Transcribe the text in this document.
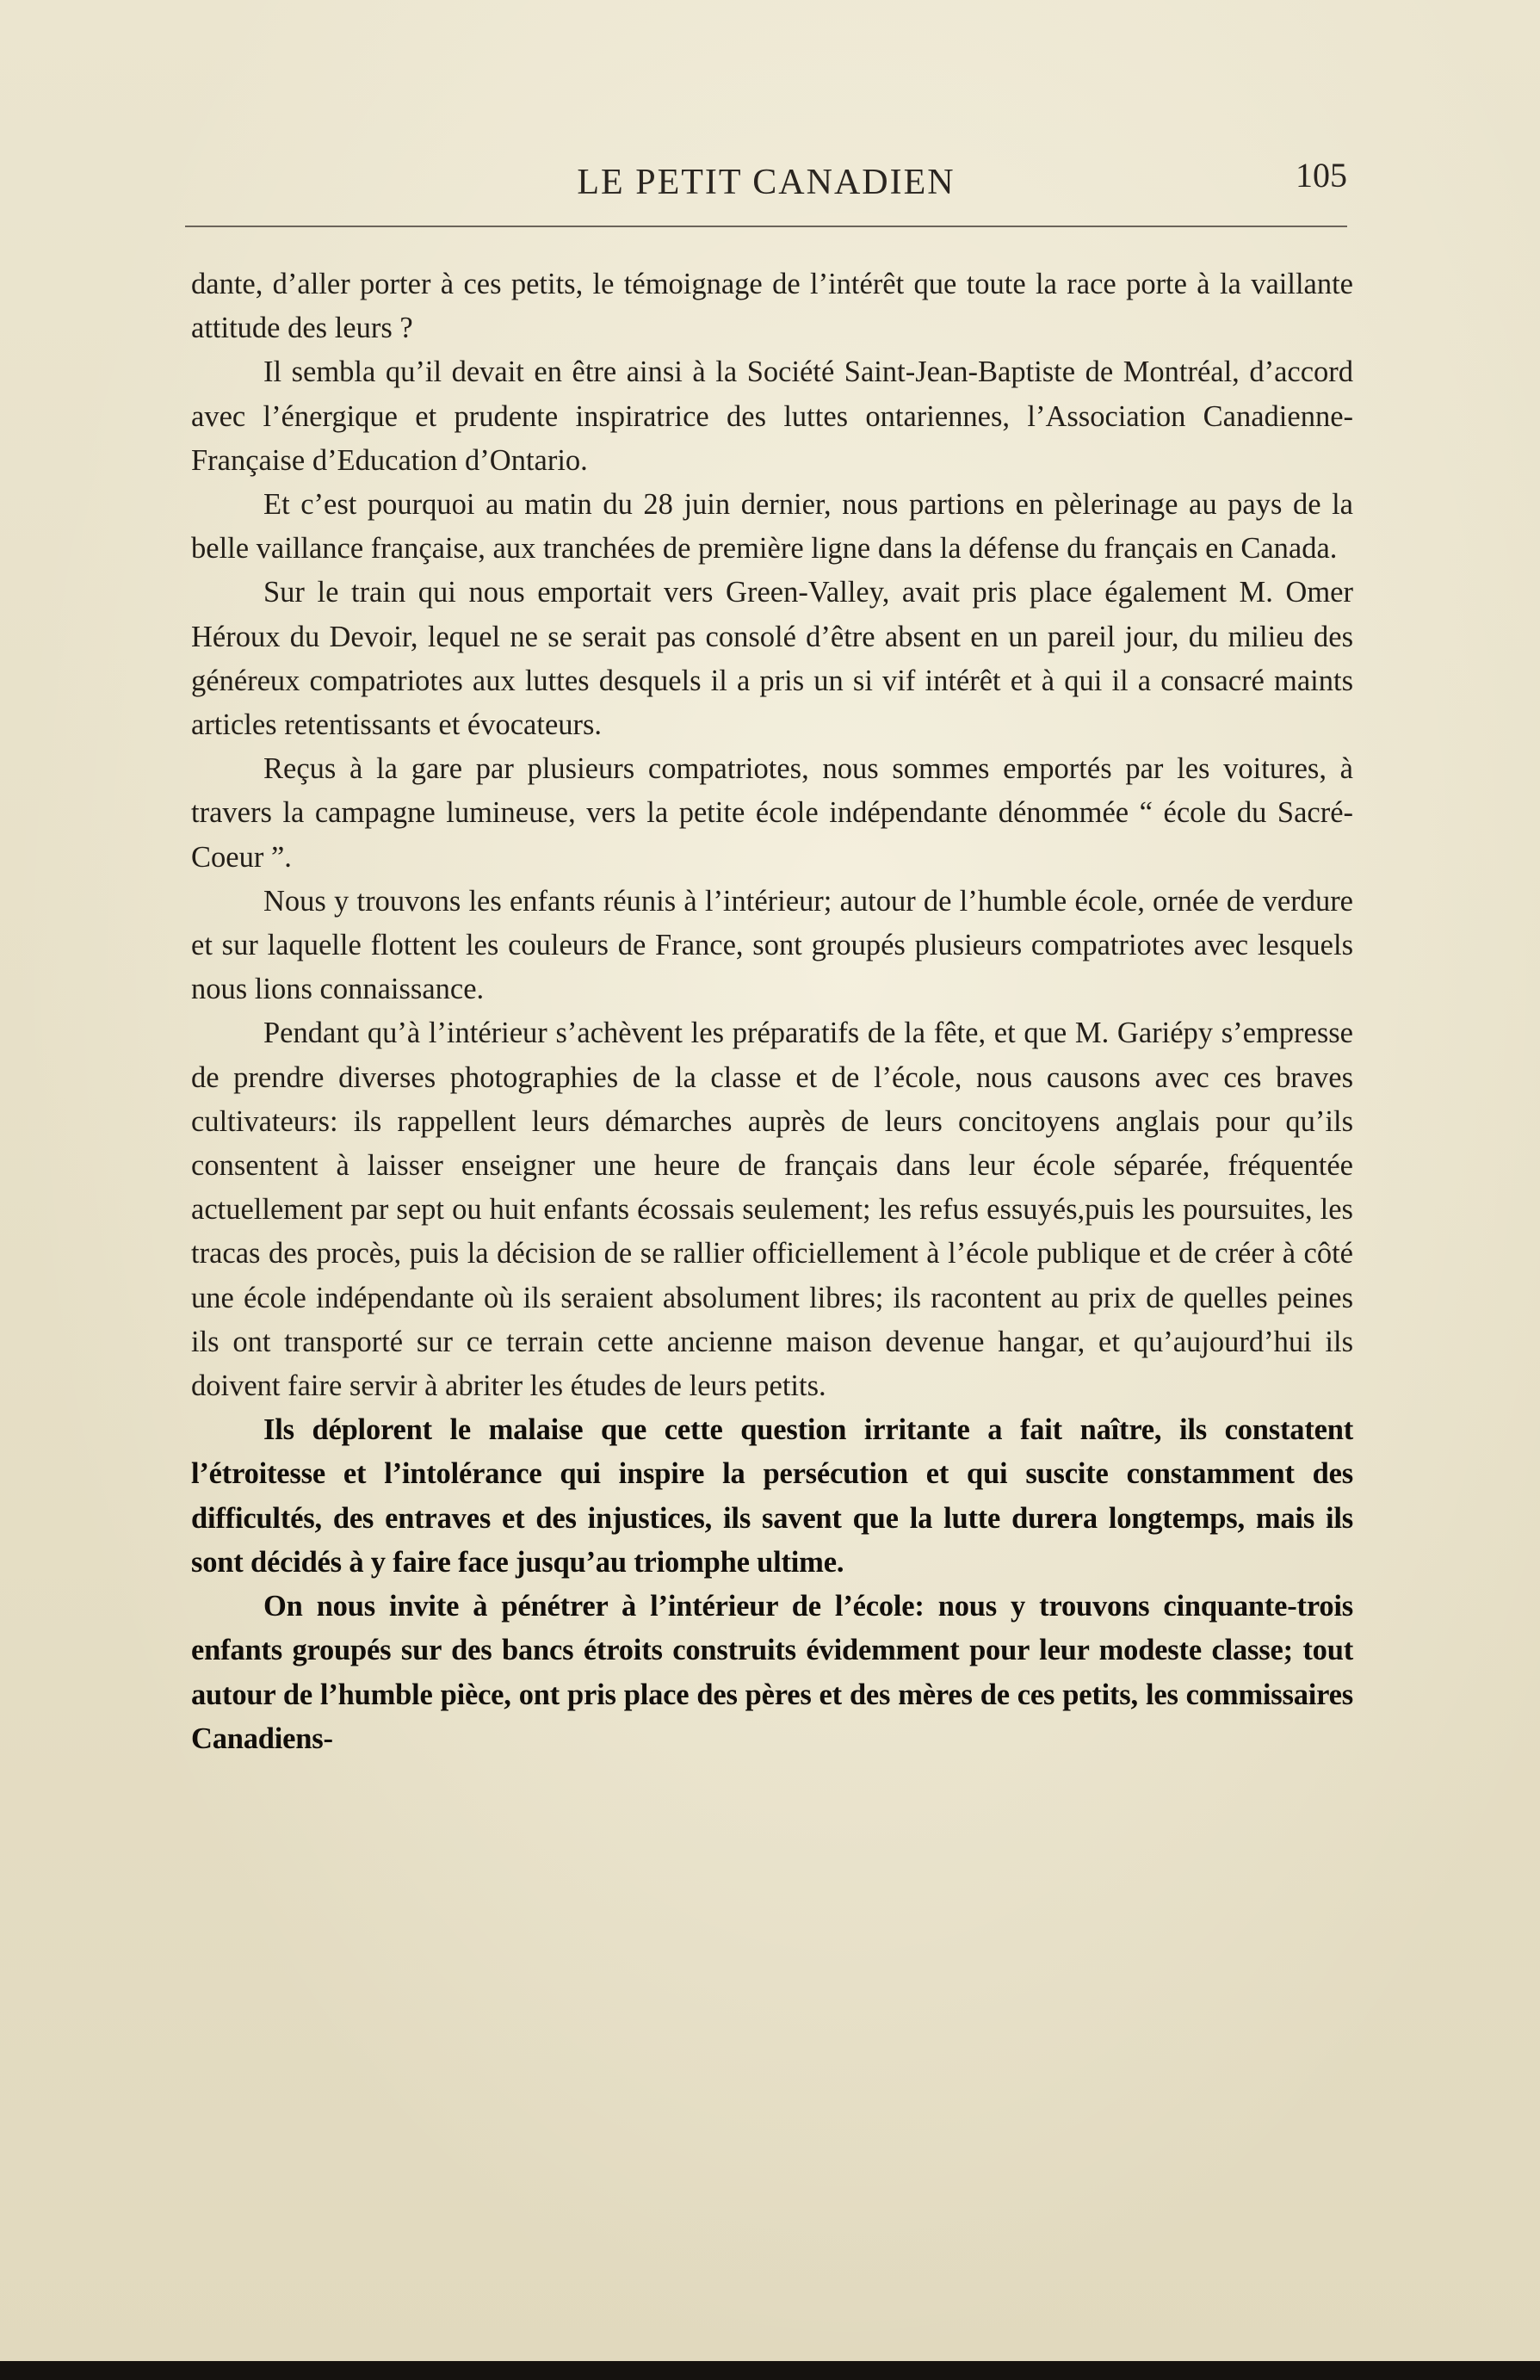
LE PETIT CANADIEN	105

dante, d’aller porter à ces petits, le témoignage de l’intérêt que toute la race porte à la vaillante attitude des leurs ?

Il sembla qu’il devait en être ainsi à la Société Saint-Jean-Baptiste de Montréal, d’accord avec l’énergique et prudente inspiratrice des luttes ontariennes, l’Association Canadienne-Française d’Education d’Ontario.

Et c’est pourquoi au matin du 28 juin dernier, nous partions en pèlerinage au pays de la belle vaillance française, aux tranchées de première ligne dans la défense du français en Canada.

Sur le train qui nous emportait vers Green-Valley, avait pris place également M. Omer Héroux du Devoir, lequel ne se serait pas consolé d’être absent en un pareil jour, du milieu des généreux compatriotes aux luttes desquels il a pris un si vif intérêt et à qui il a consacré maints articles retentissants et évocateurs.

Reçus à la gare par plusieurs compatriotes, nous sommes emportés par les voitures, à travers la campagne lumineuse, vers la petite école indépendante dénommée “ école du Sacré-Coeur ”.

Nous y trouvons les enfants réunis à l’intérieur; autour de l’humble école, ornée de verdure et sur laquelle flottent les couleurs de France, sont groupés plusieurs compatriotes avec lesquels nous lions connaissance.

Pendant qu’à l’intérieur s’achèvent les préparatifs de la fête, et que M. Gariépy s’empresse de prendre diverses photographies de la classe et de l’école, nous causons avec ces braves cultivateurs: ils rappellent leurs démarches auprès de leurs concitoyens anglais pour qu’ils consentent à laisser enseigner une heure de français dans leur école séparée, fréquentée actuellement par sept ou huit enfants écossais seulement; les refus essuyés,puis les poursuites, les tracas des procès, puis la décision de se rallier officiellement à l’école publique et de créer à côté une école indépendante où ils seraient absolument libres; ils racontent au prix de quelles peines ils ont transporté sur ce terrain cette ancienne maison devenue hangar, et qu’aujourd’hui ils doivent faire servir à abriter les études de leurs petits.

Ils déplorent le malaise que cette question irritante a fait naître, ils constatent l’étroitesse et l’intolérance qui inspire la persécution et qui suscite constamment des difficultés, des entraves et des injustices, ils savent que la lutte durera longtemps, mais ils sont décidés à y faire face jusqu’au triomphe ultime.

On nous invite à pénétrer à l’intérieur de l’école: nous y trouvons cinquante-trois enfants groupés sur des bancs étroits construits évidemment pour leur modeste classe; tout autour de l’humble pièce, ont pris place des pères et des mères de ces petits, les commissaires Canadiens-
